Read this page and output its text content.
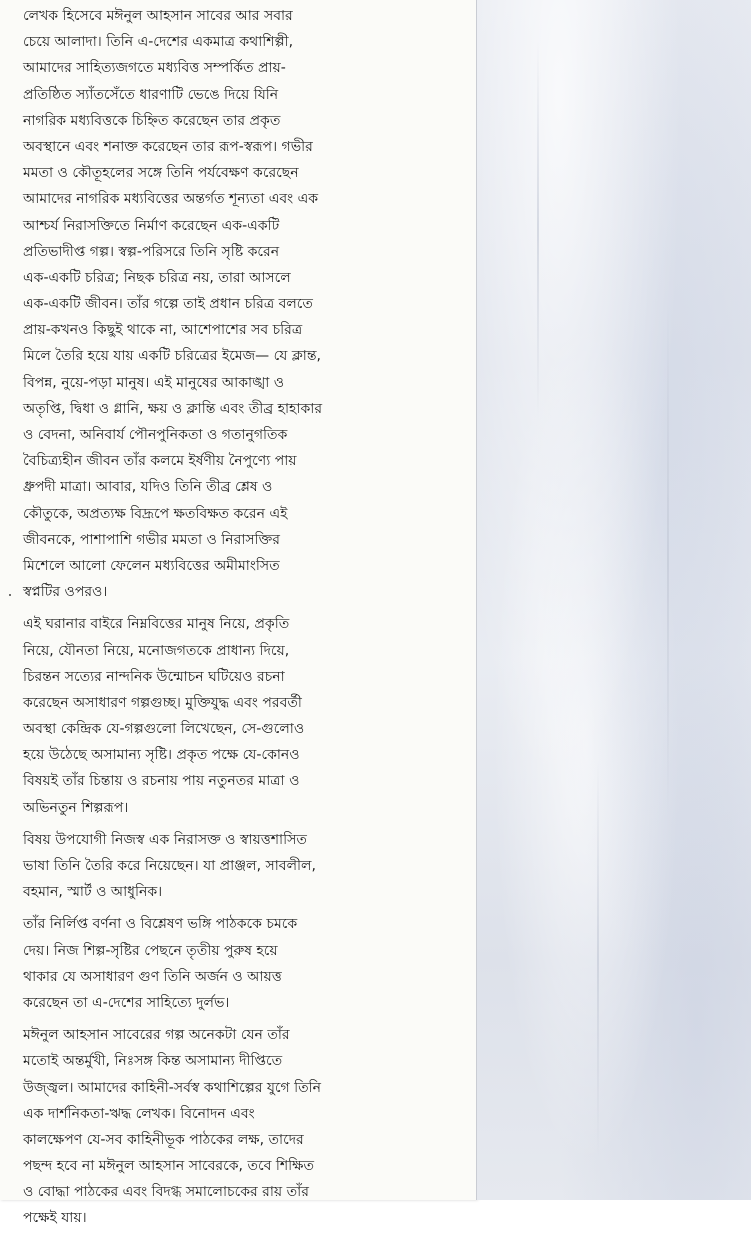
লেখক হিসেবে মঈনুল আহসান সাবের আর সবার
চেয়ে আলাদা। তিনি এ-দেশের একমাত্র কথাশিল্পী,
আমাদের সাহিত্যজগতে মধ্যবিত্ত সম্পর্কিত প্রায়-
প্রতিষ্ঠিত স্যাঁতসেঁতে ধারণাটি ভেঙে দিয়ে যিনি
নাগরিক মধ্যবিত্তকে চিহ্নিত করেছেন তার প্রকৃত
অবস্থানে এবং শনাক্ত করেছেন তার রূপ-স্বরূপ। গভীর
মমতা ও কৌতূহলের সঙ্গে তিনি পর্যবেক্ষণ করেছেন
আমাদের নাগরিক মধ্যবিত্তের অন্তর্গত শূন্যতা এবং এক
আশ্চর্য নিরাসক্তিতে নির্মাণ করেছেন এক-একটি
প্রতিভাদীপ্ত গল্প। স্বল্প-পরিসরে তিনি সৃষ্টি করেন
এক-একটি চরিত্র; নিছক চরিত্র নয়, তারা আসলে
এক-একটি জীবন। তাঁর গল্পে তাই প্রধান চরিত্র বলতে
প্রায়-কখনও কিছুই থাকে না, আশেপাশের সব চরিত্র
মিলে তৈরি হয়ে যায় একটি চরিত্রের ইমেজ— যে ক্লান্ত,
বিপন্ন, নুয়ে-পড়া মানুষ। এই মানুষের আকাঙ্খা ও
অতৃপ্তি, দ্বিধা ও গ্লানি, ক্ষয় ও ক্লান্তি এবং তীব্র হাহাকার
ও বেদনা, অনিবার্য পৌনপুনিকতা ও গতানুগতিক
বৈচিত্র্যহীন জীবন তাঁর কলমে ইর্ষণীয় নৈপুণ্যে পায়
ধ্রুপদী মাত্রা। আবার, যদিও তিনি তীব্র শ্লেষ ও
কৌতুকে, অপ্রত্যক্ষ বিদ্রূপে ক্ষতবিক্ষত করেন এই
জীবনকে, পাশাপাশি গভীর মমতা ও নিরাসক্তির
মিশেলে আলো ফেলেন মধ্যবিত্তের অমীমাংসিত
স্বপ্নটির ওপরও।
এই ঘরানার বাইরে নিম্নবিত্তের মানুষ নিয়ে, প্রকৃতি
নিয়ে, যৌনতা নিয়ে, মনোজগতকে প্রাধান্য দিয়ে,
চিরন্তন সত্যের নান্দনিক উন্মোচন ঘটিয়েও রচনা
করেছেন অসাধারণ গল্পগুচ্ছ। মুক্তিযুদ্ধ এবং পরবর্তী
অবস্থা কেন্দ্রিক যে-গল্পগুলো লিখেছেন, সে-গুলোও
হয়ে উঠেছে অসামান্য সৃষ্টি। প্রকৃত পক্ষে যে-কোনও
বিষয়ই তাঁর চিন্তায় ও রচনায় পায় নতুনতর মাত্রা ও
অভিনতুন শিল্পরূপ।
বিষয় উপযোগী নিজস্ব এক নিরাসক্ত ও স্বায়ত্তশাসিত
ভাষা তিনি তৈরি করে নিয়েছেন। যা প্রাঞ্জল, সাবলীল,
বহমান, স্মার্ট ও আধুনিক।
তাঁর নির্লিপ্ত বর্ণনা ও বিশ্লেষণ ভঙ্গি পাঠককে চমকে
দেয়। নিজ শিল্প-সৃষ্টির পেছনে তৃতীয় পুরুষ হয়ে
থাকার যে অসাধারণ গুণ তিনি অর্জন ও আয়ত্ত
করেছেন তা এ-দেশের সাহিত্যে দুর্লভ।
মঈনুল আহসান সাবেরের গল্প অনেকটা যেন তাঁর
মতোই অন্তর্মুখী, নিঃসঙ্গ কিন্ত অসামান্য দীপ্তিতে
উজ্জ্বল। আমাদের কাহিনী-সর্বস্ব কথাশিল্পের যুগে তিনি
এক দার্শনিকতা-ঋদ্ধ লেখক। বিনোদন এবং
কালক্ষেপণ যে-সব কাহিনীভূক পাঠকের লক্ষ, তাদের
পছন্দ হবে না মঈনুল আহসান সাবেরকে, তবে শিক্ষিত
ও বোদ্ধা পাঠকের এবং বিদগ্ধ সমালোচকের রায় তাঁর
পক্ষেই যায়।
